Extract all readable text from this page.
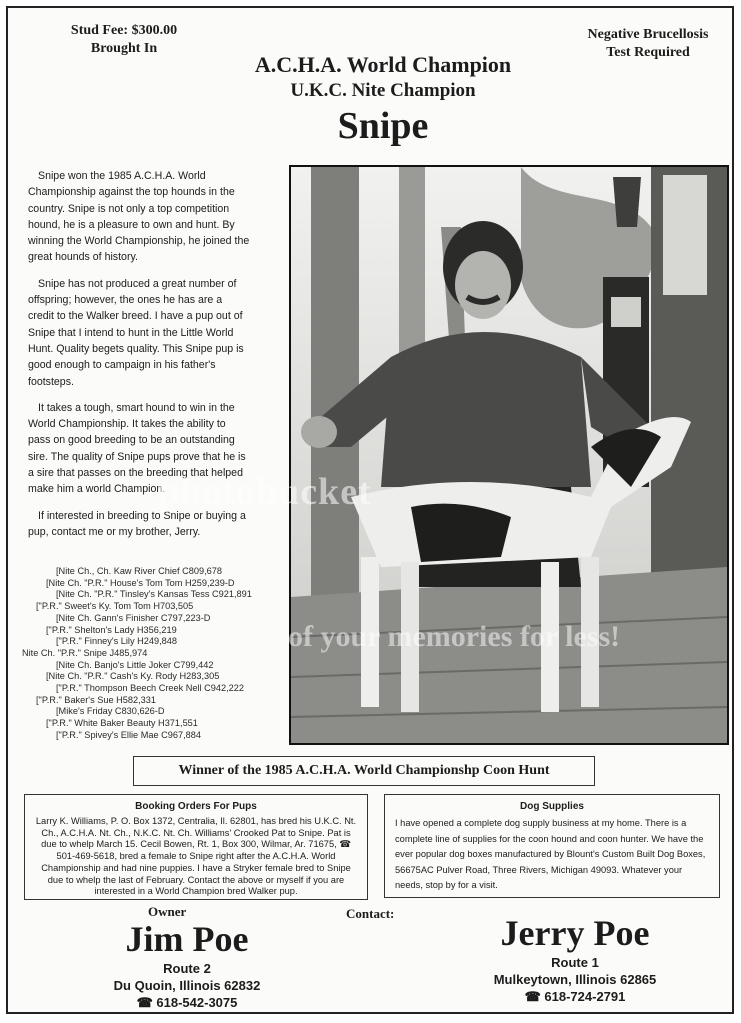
Stud Fee: $300.00
Brought In
Negative Brucellosis
Test Required
A.C.H.A. World Champion
U.K.C. Nite Champion
Snipe

Snipe won the 1985 A.C.H.A. World Championship against the top hounds in the country. Snipe is not only a top competition hound, he is a pleasure to own and hunt. By winning the World Championship, he joined the great hounds of history.

Snipe has not produced a great number of offspring; however, the ones he has are a credit to the Walker breed. I have a pup out of Snipe that I intend to hunt in the Little World Hunt. Quality begets quality. This Snipe pup is good enough to campaign in his father's footsteps.

It takes a tough, smart hound to win in the World Championship. It takes the ability to pass on good breeding to be an outstanding sire. The quality of Snipe pups prove that he is a sire that passes on the breeding that helped make him a world Champion.

If interested in breeding to Snipe or buying a pup, contact me or my brother, Jerry.

[Nite Ch., Ch. Kaw River Chief C809,678
[Nite Ch. "P.R." House's Tom Tom H259,239-D
[Nite Ch. "P.R." Tinsley's Kansas Tess C921,891
["P.R." Sweet's Ky. Tom Tom H703,505
[Nite Ch. Gann's Finisher C797,223-D
["P.R." Shelton's Lady H356,219
["P.R." Finney's Lily H249,848
Nite Ch. "P.R." Snipe J485,974
[Nite Ch. Banjo's Little Joker C799,442
[Nite Ch. "P.R." Cash's Ky. Rody H283,305
["P.R." Thompson Beech Creek Nell C942,222
["P.R." Baker's Sue H582,331
[Mike's Friday C830,626-D
["P.R." White Baker Beauty H371,551
["P.R." Spivey's Ellie Mae C967,884
photobucket
of your memories for less!
Winner of the 1985 A.C.H.A. World Championshp Coon Hunt
Booking Orders For Pups
Larry K. Williams, P. O. Box 1372, Centralia, Il. 62801, has bred his U.K.C. Nt. Ch., A.C.H.A. Nt. Ch., N.K.C. Nt. Ch. Williams' Crooked Pat to Snipe. Pat is due to whelp March 15. Cecil Bowen, Rt. 1, Box 300, Wilmar, Ar. 71675, ☎ 501-469-5618, bred a female to Snipe right after the A.C.H.A. World Championship and had nine puppies. I have a Stryker female bred to Snipe due to whelp the last of February. Contact the above or myself if you are interested in a World Champion bred Walker pup.
Dog Supplies
I have opened a complete dog supply business at my home. There is a complete line of supplies for the coon hound and coon hunter. We have the ever popular dog boxes manufactured by Blount's Custom Built Dog Boxes, 56675AC Pulver Road, Three Rivers, Michigan 49093. Whatever your needs, stop by for a visit.
Owner	Contact:
Jim Poe
Route 2
Du Quoin, Illinois 62832
☎ 618-542-3075
Jerry Poe
Route 1
Mulkeytown, Illinois 62865
☎ 618-724-2791
